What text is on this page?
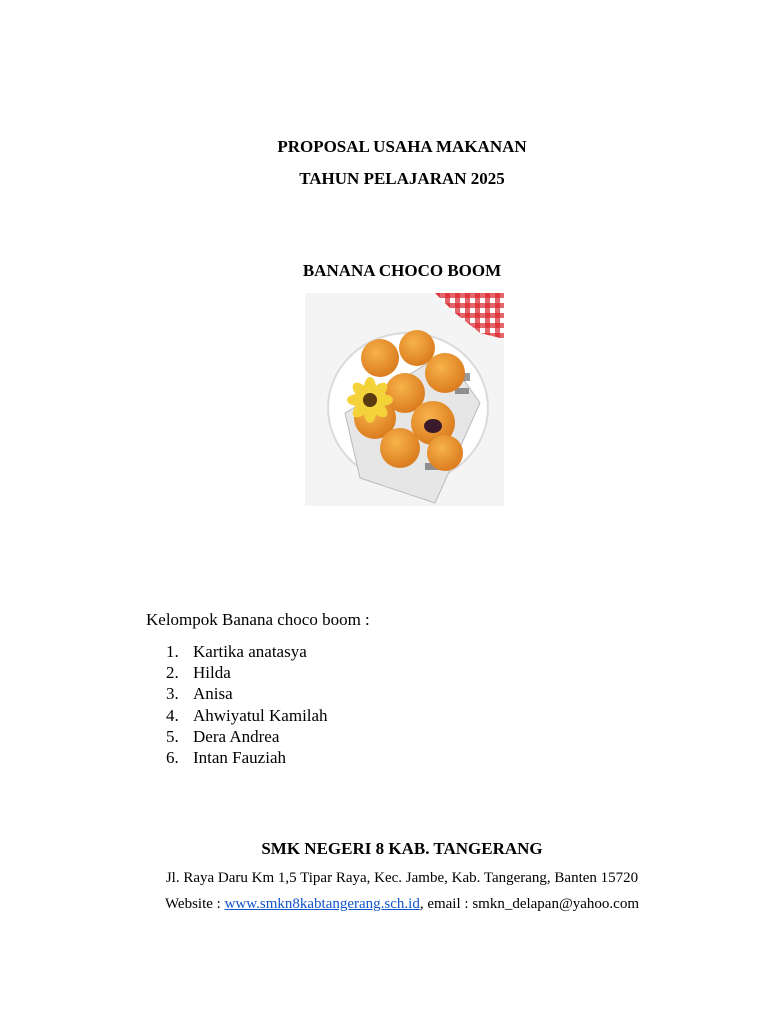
PROPOSAL USAHA MAKANAN
TAHUN PELAJARAN 2025
BANANA CHOCO BOOM
Kelompok Banana choco boom :
1. Kartika anatasya
2. Hilda
3. Anisa
4. Ahwiyatul Kamilah
5. Dera Andrea
6. Intan Fauziah
SMK NEGERI 8 KAB. TANGERANG
Jl. Raya Daru Km 1,5 Tipar Raya, Kec. Jambe, Kab. Tangerang, Banten 15720
Website : www.smkn8kabtangerang.sch.id, email : smkn_delapan@yahoo.com
